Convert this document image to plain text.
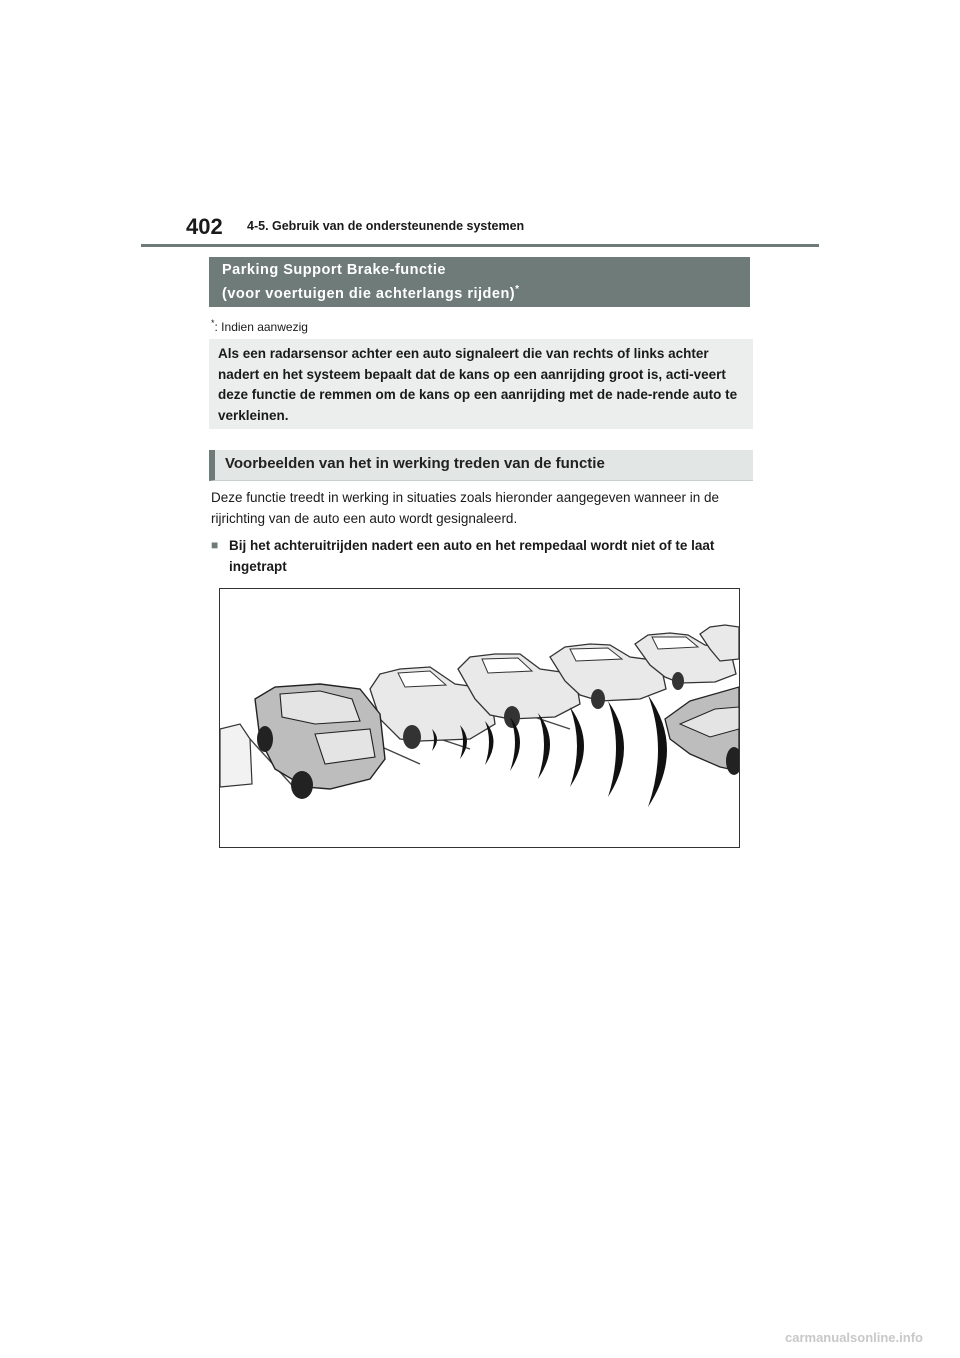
402 4-5. Gebruik van de ondersteunende systemen
Parking Support Brake-functie
(voor voertuigen die achterlangs rijden)*
*: Indien aanwezig
Als een radarsensor achter een auto signaleert die van rechts of links achter nadert en het systeem bepaalt dat de kans op een aanrijding groot is, acti-veert deze functie de remmen om de kans op een aanrijding met de nade-rende auto te verkleinen.
Voorbeelden van het in werking treden van de functie
Deze functie treedt in werking in situaties zoals hieronder aangegeven wanneer in de rijrichting van de auto een auto wordt gesignaleerd.
■ Bij het achteruitrijden nadert een auto en het rempedaal wordt niet of te laat ingetrapt
carmanualsonline.info
